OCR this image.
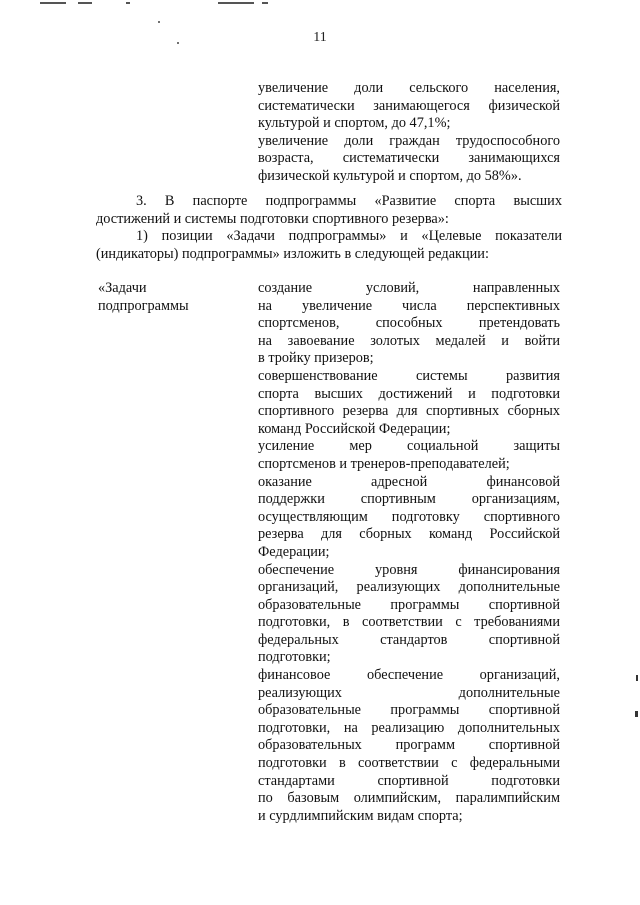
11
увеличение доли сельского населения,
систематически занимающегося физической
культурой и спортом, до 47,1%;
увеличение доли граждан трудоспособного
возраста, систематически занимающихся
физической культурой и спортом, до 58%».
3. В паспорте подпрограммы «Развитие спорта высших
достижений и системы подготовки спортивного резерва»:
1) позиции «Задачи подпрограммы» и «Целевые показатели
(индикаторы) подпрограммы» изложить в следующей редакции:
«Задачи
подпрограммы
создание условий, направленных
на увеличение числа перспективных
спортсменов, способных претендовать
на завоевание золотых медалей и войти
в тройку призеров;
совершенствование системы развития
спорта высших достижений и подготовки
спортивного резерва для спортивных сборных
команд Российской Федерации;
усиление мер социальной защиты
спортсменов и тренеров-преподавателей;
оказание адресной финансовой
поддержки спортивным организациям,
осуществляющим подготовку спортивного
резерва для сборных команд Российской
Федерации;
обеспечение уровня финансирования
организаций, реализующих дополнительные
образовательные программы спортивной
подготовки, в соответствии с требованиями
федеральных стандартов спортивной
подготовки;
финансовое обеспечение организаций,
реализующих дополнительные
образовательные программы спортивной
подготовки, на реализацию дополнительных
образовательных программ спортивной
подготовки в соответствии с федеральными
стандартами спортивной подготовки
по базовым олимпийским, паралимпийским
и сурдлимпийским видам спорта;
